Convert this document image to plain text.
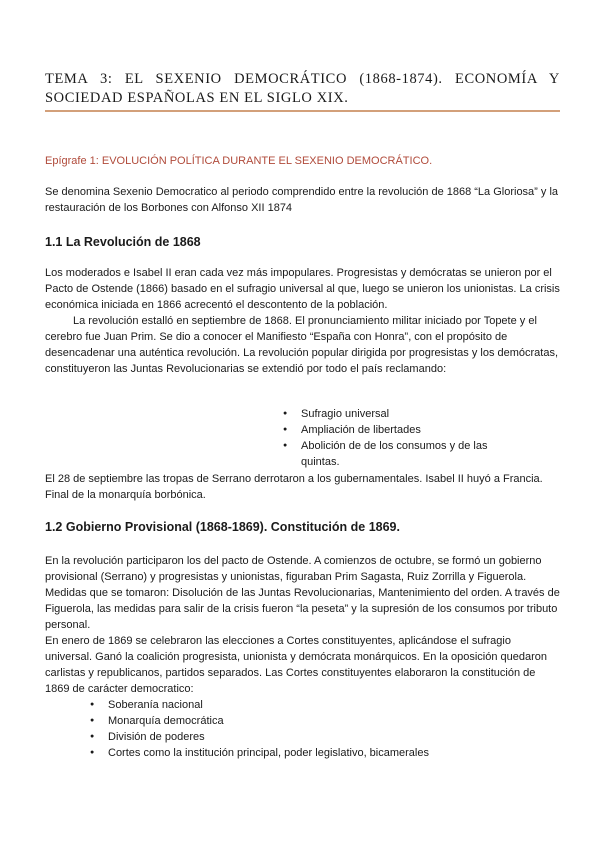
TEMA 3: EL SEXENIO DEMOCRÁTICO (1868-1874). ECONOMÍA Y SOCIEDAD ESPAÑOLAS EN EL SIGLO XIX.
Epígrafe 1: EVOLUCIÓN POLÍTICA DURANTE EL SEXENIO DEMOCRÁTICO.

Se denomina Sexenio Democratico al periodo comprendido entre la revolución de 1868 “La Gloriosa” y la restauración de los Borbones con Alfonso XII 1874

1.1 La Revolución de 1868

Los moderados e Isabel II eran cada vez más impopulares. Progresistas y demócratas se unieron por el Pacto de Ostende (1866) basado en el sufragio universal al que, luego se unieron los unionistas. La crisis económica iniciada en 1866 acrecentó el descontento de la población.

La revolución estalló en septiembre de 1868. El pronunciamiento militar iniciado por Topete y el cerebro fue Juan Prim. Se dio a conocer el Manifiesto “España con Honra”, con el propósito de desencadenar una auténtica revolución. La revolución popular dirigida por progresistas y los demócratas, constituyeron las Juntas Revolucionarias se extendió por todo el país reclamando:

● Sufragio universal
● Ampliación de libertades
● Abolición de de los consumos y de las quintas.

El 28 de septiembre las tropas de Serrano derrotaron a los gubernamentales. Isabel II huyó a Francia. Final de la monarquía borbónica.

1.2 Gobierno Provisional (1868-1869). Constitución de 1869.

En la revolución participaron los del pacto de Ostende. A comienzos de octubre, se formó un gobierno provisional (Serrano) y progresistas y unionistas, figuraban Prim Sagasta, Ruiz Zorrilla y Figuerola. Medidas que se tomaron: Disolución de las Juntas Revolucionarias, Mantenimiento del orden. A través de Figuerola, las medidas para salir de la crisis fueron “la peseta” y la supresión de los consumos por tributo personal.

En enero de 1869 se celebraron las elecciones a Cortes constituyentes, aplicándose el sufragio universal. Ganó la coalición progresista, unionista y demócrata monárquicos. En la oposición quedaron carlistas y republicanos, partidos separados. Las Cortes constituyentes elaboraron la constitución de 1869 de carácter democratico:

● Soberanía nacional
● Monarquía democrática
● División de poderes
● Cortes como la institución principal, poder legislativo, bicamerales
